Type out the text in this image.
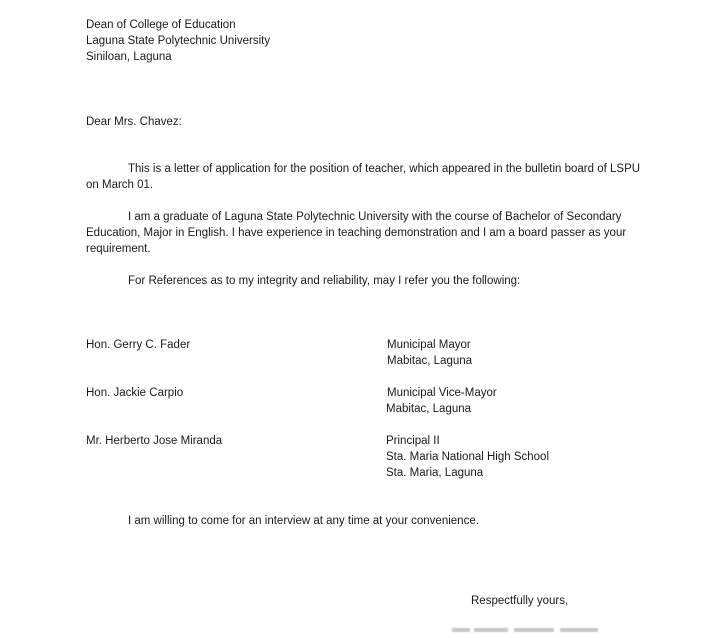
Dean of College of Education
Laguna State Polytechnic University
Siniloan, Laguna
Dear Mrs. Chavez:
This is a letter of application for the position of teacher, which appeared in the bulletin board of LSPU on March 01.
I am a graduate of Laguna State Polytechnic University with the course of Bachelor of Secondary Education, Major in English. I have experience in teaching demonstration and I am a board passer as your requirement.
For References as to my integrity and reliability, may I refer you the following:
Hon. Gerry C. Fader	Municipal Mayor
Mabitac, Laguna
Hon. Jackie Carpio	Municipal Vice-Mayor
Mabitac, Laguna
Mr. Herberto Jose Miranda	Principal II
Sta. Maria National High School
Sta. Maria, Laguna
I am willing to come for an interview at any time at your convenience.
Respectfully yours,
